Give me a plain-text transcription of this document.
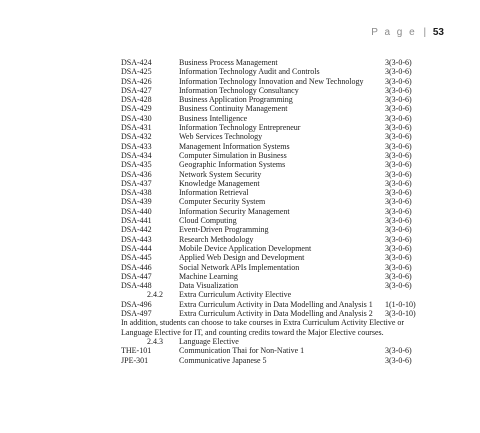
P a g e | 53
DSA-424	Business Process Management	3(3-0-6)
DSA-425	Information Technology Audit and Controls	3(3-0-6)
DSA-426	Information Technology Innovation and New Technology	3(3-0-6)
DSA-427	Information Technology Consultancy	3(3-0-6)
DSA-428	Business Application Programming	3(3-0-6)
DSA-429	Business Continuity Management	3(3-0-6)
DSA-430	Business Intelligence	3(3-0-6)
DSA-431	Information Technology Entrepreneur	3(3-0-6)
DSA-432	Web Services Technology	3(3-0-6)
DSA-433	Management Information Systems	3(3-0-6)
DSA-434	Computer Simulation in Business	3(3-0-6)
DSA-435	Geographic Information Systems	3(3-0-6)
DSA-436	Network System Security	3(3-0-6)
DSA-437	Knowledge Management	3(3-0-6)
DSA-438	Information Retrieval	3(3-0-6)
DSA-439	Computer Security System	3(3-0-6)
DSA-440	Information Security Management	3(3-0-6)
DSA-441	Cloud Computing	3(3-0-6)
DSA-442	Event-Driven Programming	3(3-0-6)
DSA-443	Research Methodology	3(3-0-6)
DSA-444	Mobile Device Application Development	3(3-0-6)
DSA-445	Applied Web Design and Development	3(3-0-6)
DSA-446	Social Network APIs Implementation	3(3-0-6)
DSA-447	Machine Learning	3(3-0-6)
DSA-448	Data Visualization	3(3-0-6)
2.4.2 Extra Curriculum Activity Elective
DSA-496	Extra Curriculum Activity in Data Modelling and Analysis 1 1(1-0-10)
DSA-497	Extra Curriculum Activity in Data Modelling and Analysis 2 3(3-0-10)
In addition, students can choose to take courses in Extra Curriculum Activity Elective or Language Elective for IT, and counting credits toward the Major Elective courses.
2.4.3 Language Elective
THE-101	Communication Thai for Non-Native 1	3(3-0-6)
JPE-301	Communicative Japanese 5	3(3-0-6)
